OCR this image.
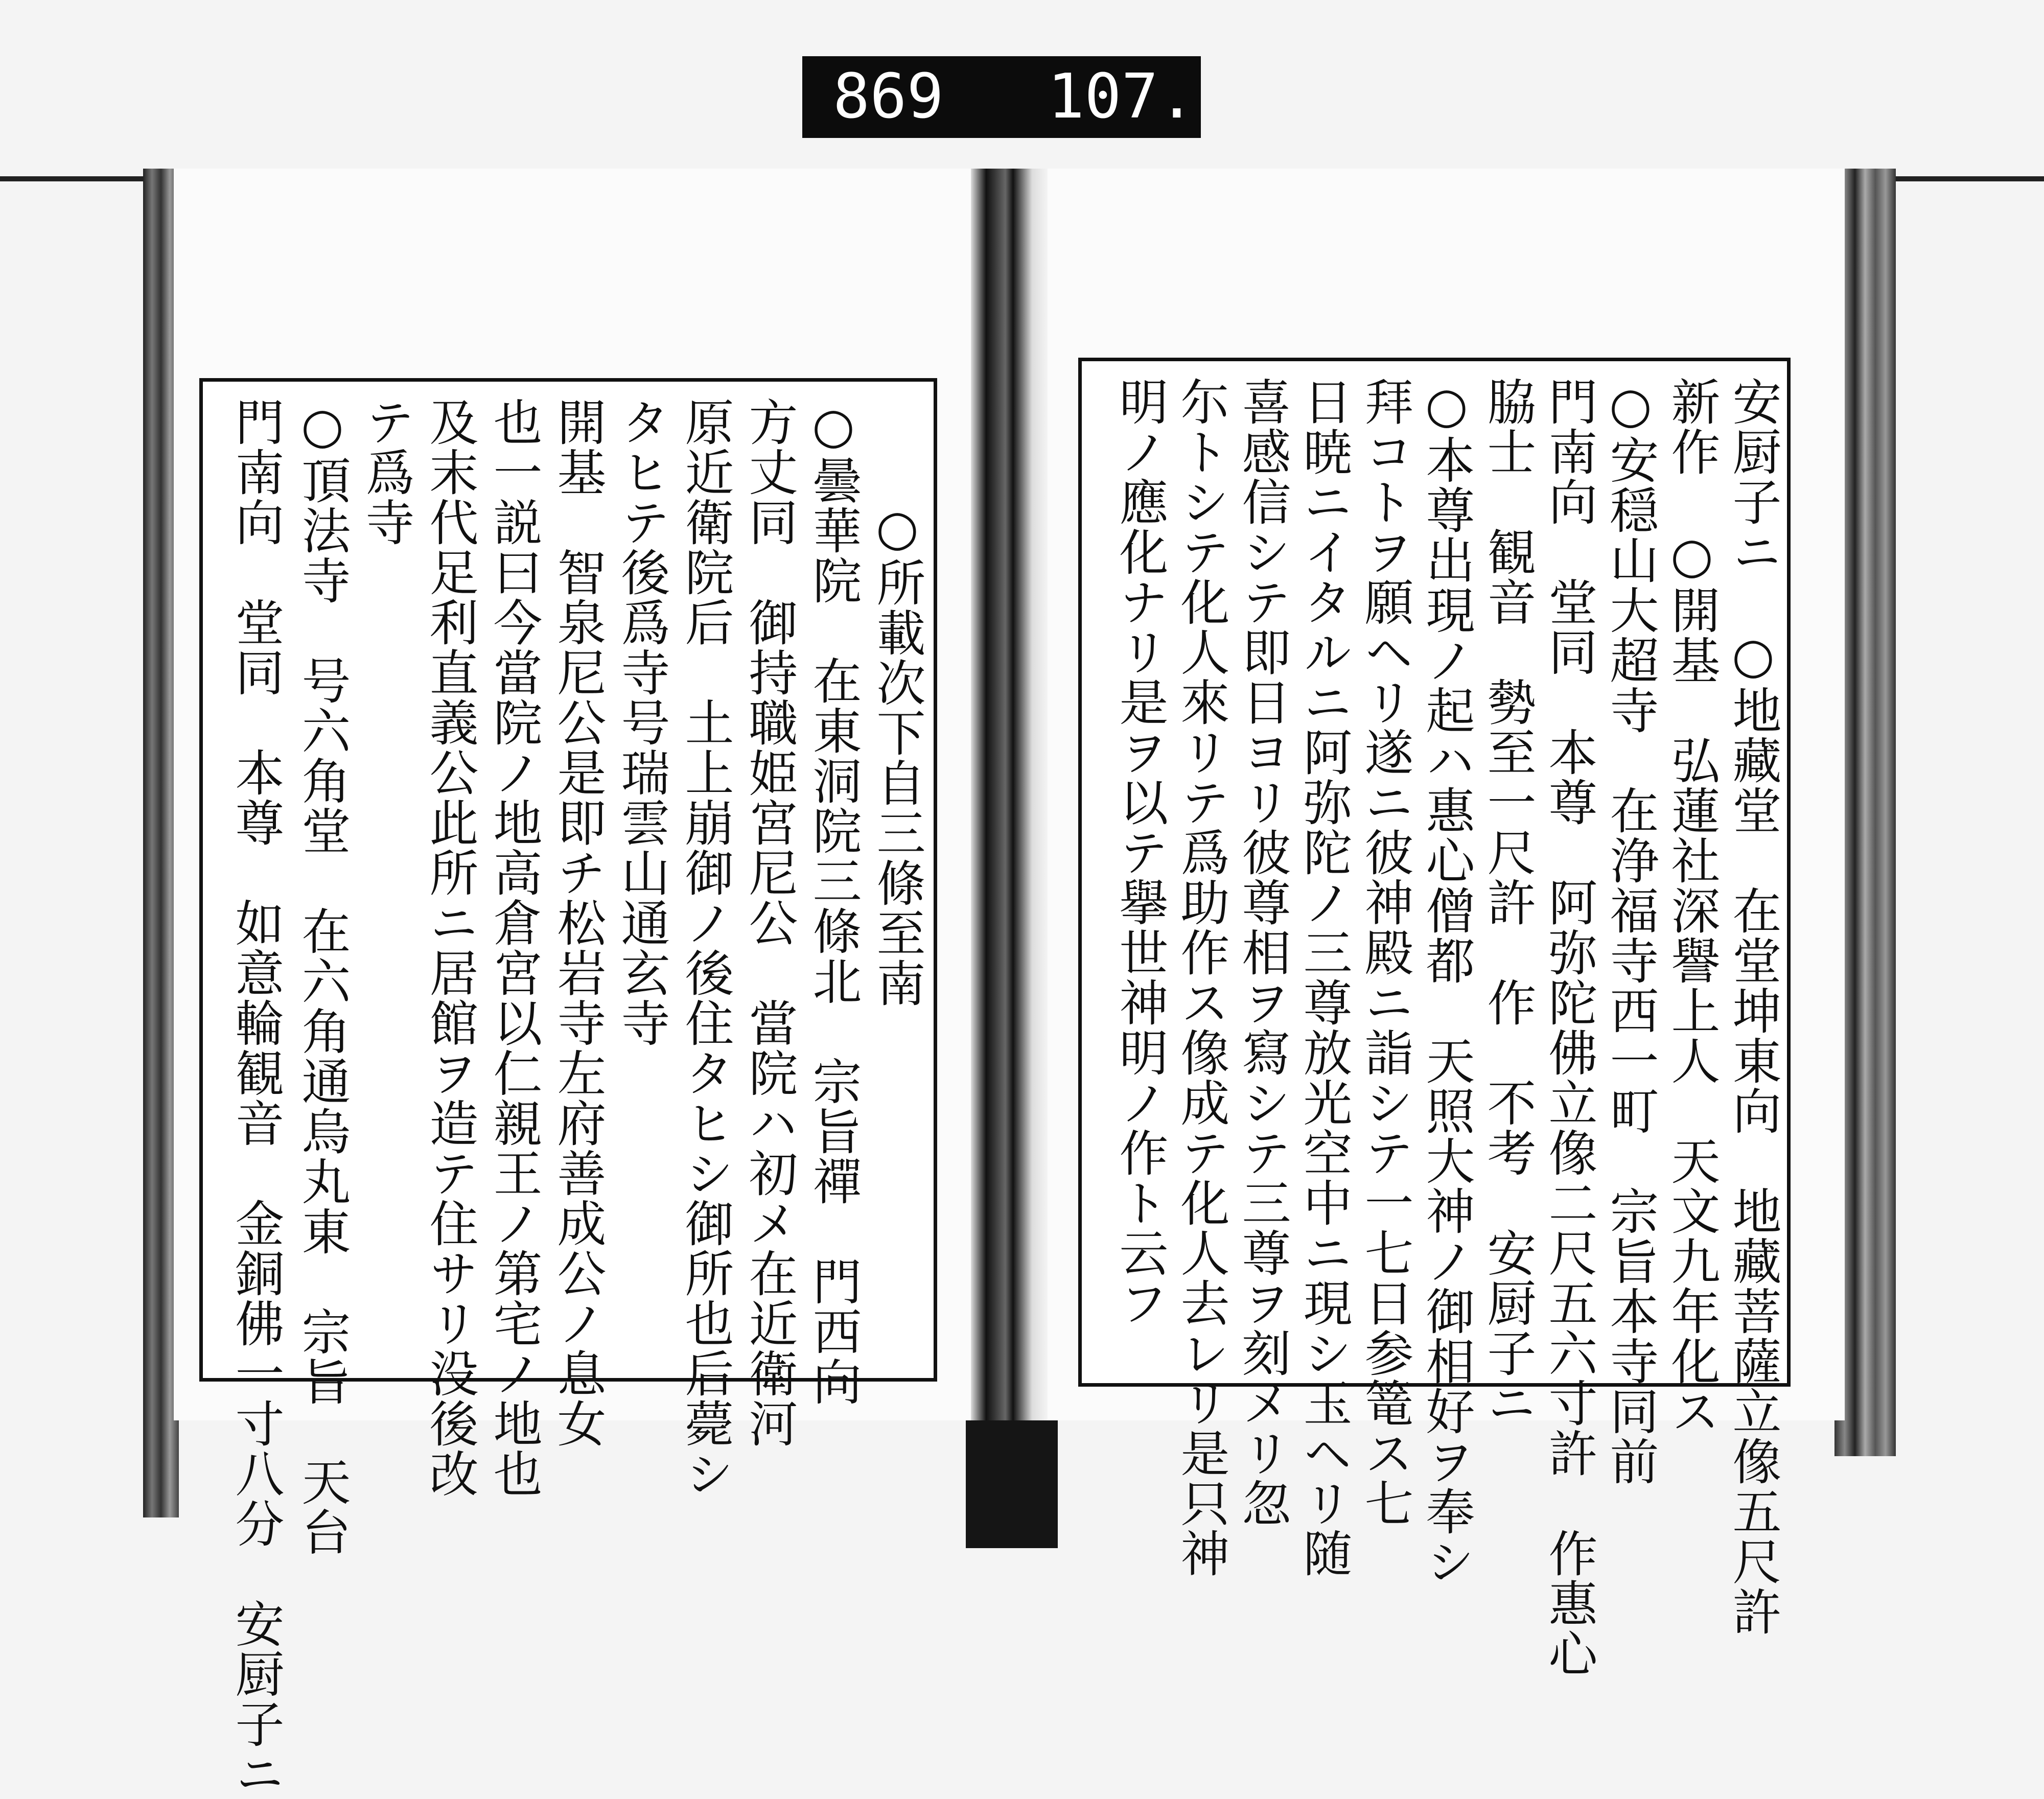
869 107.
○所載次下自三條至南
○曇華院　在東洞院三條北　宗旨禪　門西向
方丈同　御持職姫宮尼公　當院ハ初メ在近衛河
原近衛院后　土上崩御ノ後住タヒシ御所也后薨シ
タヒテ後爲寺号瑞雲山通玄寺
開基　智泉尼公是即チ松岩寺左府善成公ノ息女
也一説曰今當院ノ地高倉宮以仁親王ノ第宅ノ地也
及末代足利直義公此所ニ居館ヲ造テ住サリ没後改
テ爲寺
○頂法寺　号六角堂　在六角通烏丸東　宗旨　天台
門南向　堂同　本尊　如意輪観音　金銅佛一寸八分　安厨子ニ	安厨子ニ　○地藏堂　在堂坤東向　地藏菩薩立像五尺許
新作　○開基　弘蓮社深譽上人　天文九年化ス
○安穏山大超寺　在浄福寺西一町　宗旨本寺同前
門南向　堂同　本尊　阿弥陀佛立像二尺五六寸許　作惠心
脇士　観音　勢至一尺許　作　不考　安厨子ニ
○本尊出現ノ起ハ惠心僧都　天照大神ノ御相好ヲ奉シ
拜コトヲ願ヘリ遂ニ彼神殿ニ詣シテ一七日参篭ス七
日暁ニイタルニ阿弥陀ノ三尊放光空中ニ現シ玉ヘリ随
喜感信シテ即日ヨリ彼尊相ヲ寫シテ三尊ヲ刻メリ忽
尓トシテ化人來リテ爲助作ス像成テ化人去レリ是只神
明ノ應化ナリ是ヲ以テ擧世神明ノ作ト云フ
